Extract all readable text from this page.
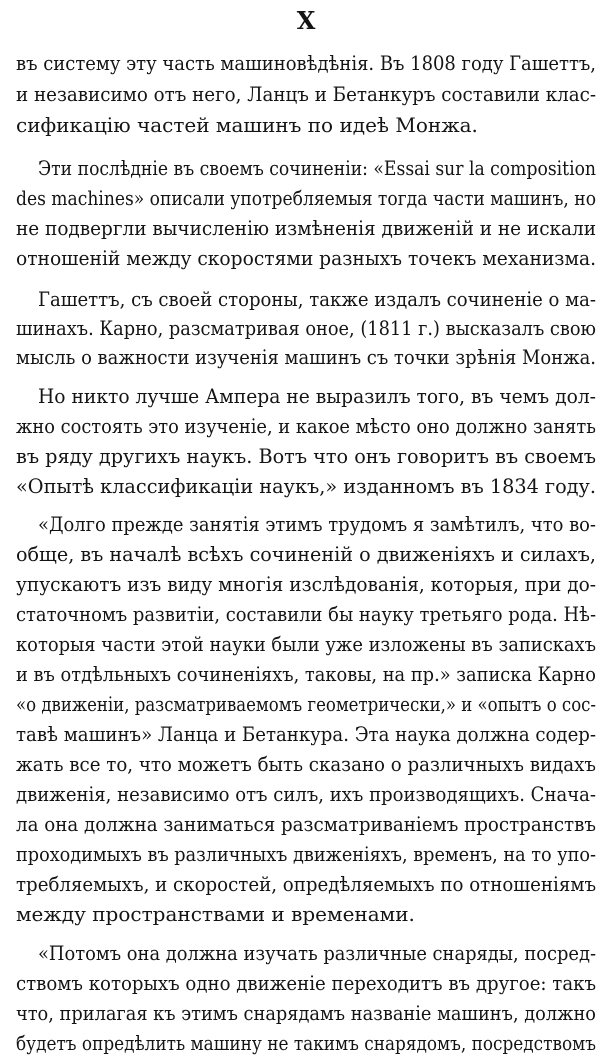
X
въ систему эту часть машиновѣдѣнія. Въ 1808 году Гашеттъ,
и независимо отъ него, Ланцъ и Бетанкуръ составили клас-
сификацію частей машинъ по идеѣ Монжа.
Эти послѣдніе въ своемъ сочиненіи: «Essai sur la composition
des machines» описали употребляемыя тогда части машинъ, но
не подвергли вычисленію измѣненія движеній и не искали
отношеній между скоростями разныхъ точекъ механизма.
Гашеттъ, съ своей стороны, также издалъ сочиненіе о ма-
шинахъ. Карно, разсматривая оное, (1811 г.) высказалъ свою
мысль о важности изученія машинъ съ точки зрѣнія Монжа.
Но никто лучше Ампера не выразилъ того, въ чемъ дол-
жно состоять это изученіе, и какое мѣсто оно должно занять
въ ряду другихъ наукъ. Вотъ что онъ говоритъ въ своемъ
«Опытѣ классификаціи наукъ,» изданномъ въ 1834 году.
«Долго прежде занятія этимъ трудомъ я замѣтилъ, что во-
обще, въ началѣ всѣхъ сочиненій о движеніяхъ и силахъ,
упускаютъ изъ виду многія изслѣдованія, которыя, при до-
статочномъ развитіи, составили бы науку третьяго рода. Нѣ-
которыя части этой науки были уже изложены въ запискахъ
и въ отдѣльныхъ сочиненіяхъ, таковы, на пр.» записка Карно
«о движеніи, разсматриваемомъ геометрически,» и «опытъ о сос-
тавѣ машинъ» Ланца и Бетанкура. Эта наука должна содер-
жать все то, что можетъ быть сказано о различныхъ видахъ
движенія, независимо отъ силъ, ихъ производящихъ. Снача-
ла она должна заниматься разсматриваніемъ пространствъ
проходимыхъ въ различныхъ движеніяхъ, временъ, на то упо-
требляемыхъ, и скоростей, опредѣляемыхъ по отношеніямъ
между пространствами и временами.
«Потомъ она должна изучать различные снаряды, посред-
ствомъ которыхъ одно движеніе переходитъ въ другое: такъ
что, прилагая къ этимъ снарядамъ названіе машинъ, должно
будетъ опредѣлить машину не такимъ снарядомъ, посредствомъ
